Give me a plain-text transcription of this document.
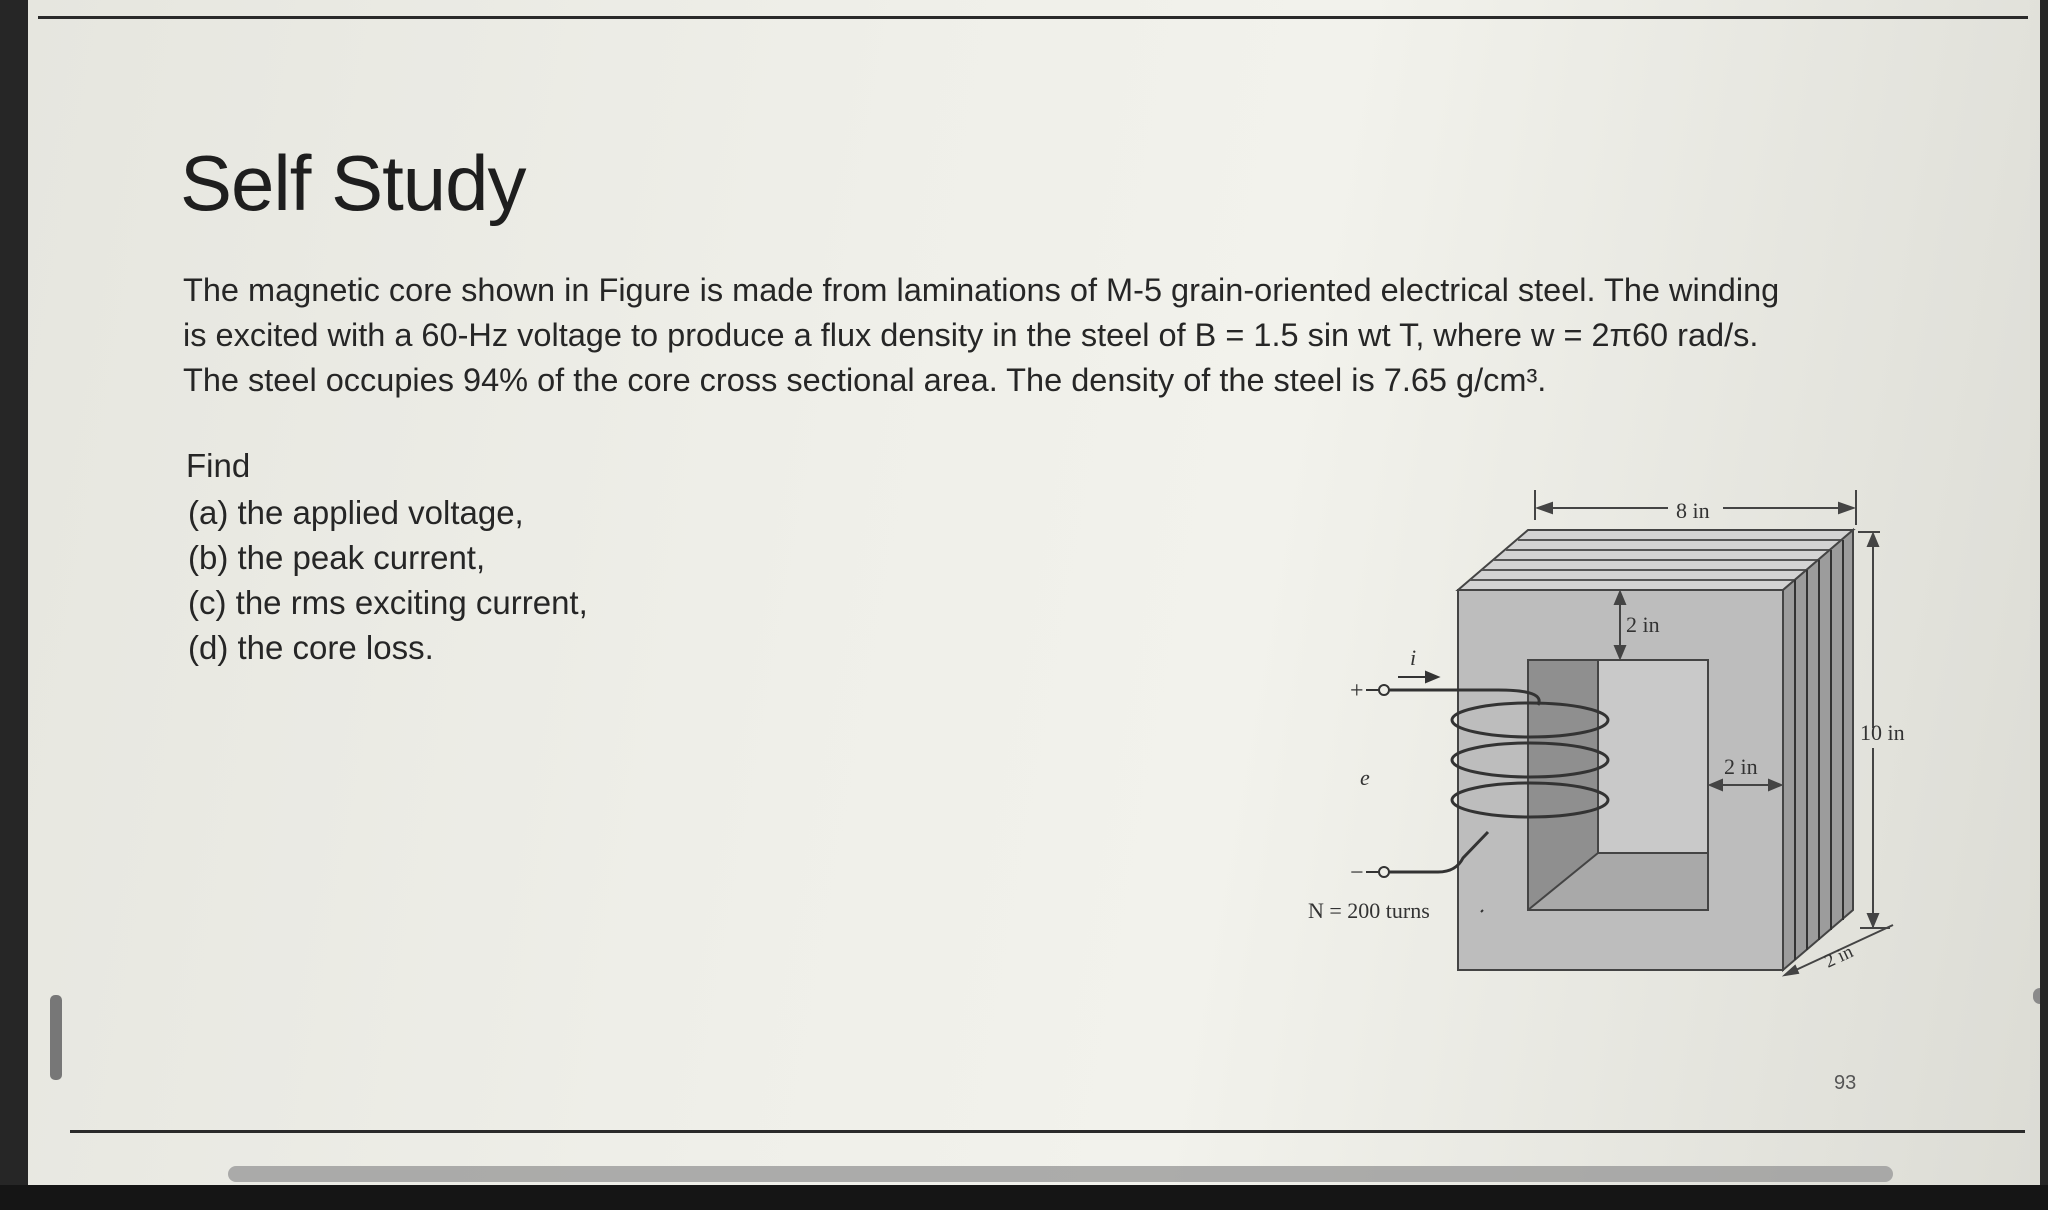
Self Study

The magnetic core shown in Figure is made from laminations of M-5 grain-oriented electrical steel. The winding

is excited with a 60-Hz voltage to produce a flux density in the steel of B = 1.5 sin wt T, where w = 2π60 rad/s.

The steel occupies 94% of the core cross sectional area. The density of the steel is 7.65 g/cm³.

Find
(a) the applied voltage,
(b) the peak current,
(c) the rms exciting current,
(d) the core loss.
8 in
2 in
2 in
10 in
2 in
+
−
i
e
N = 200 turns
93
